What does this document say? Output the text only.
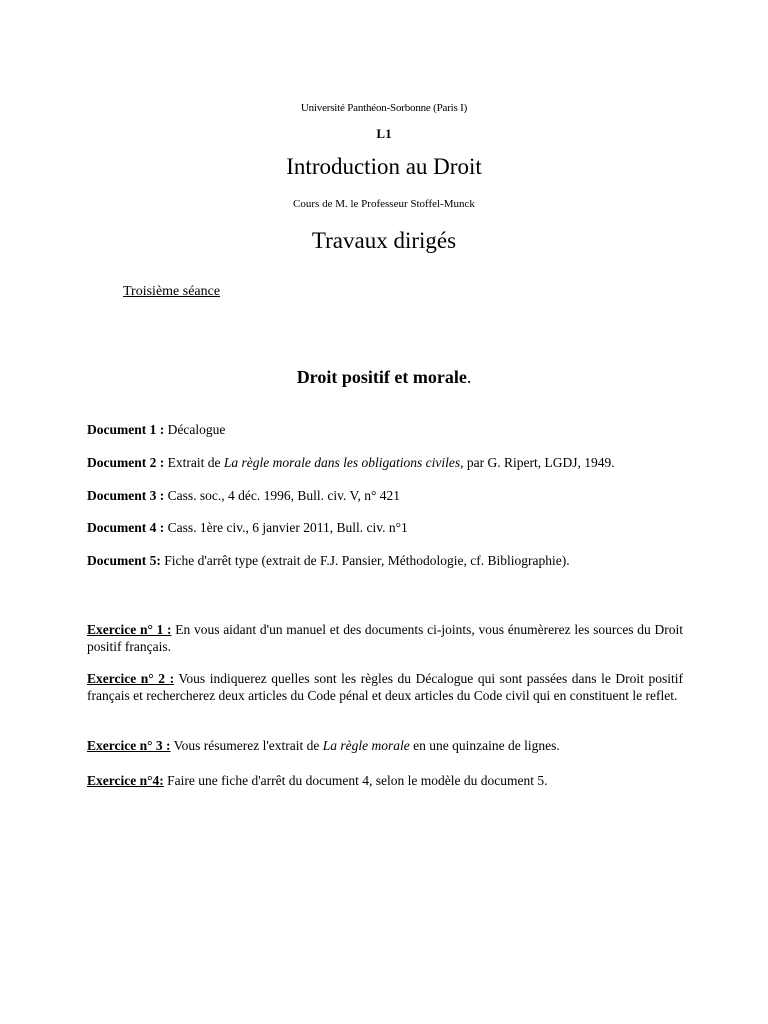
Université Panthéon-Sorbonne (Paris I)
L1
Introduction au Droit
Cours de M. le Professeur Stoffel-Munck
Travaux dirigés
Troisième séance
Droit positif et morale.
Document 1 : Décalogue
Document 2 : Extrait de La règle morale dans les obligations civiles, par G. Ripert, LGDJ, 1949.
Document 3 : Cass. soc., 4 déc. 1996, Bull. civ. V, n° 421
Document 4 : Cass. 1ère civ., 6 janvier 2011, Bull. civ. n°1
Document 5: Fiche d'arrêt type (extrait de F.J. Pansier, Méthodologie, cf. Bibliographie).
Exercice n° 1 : En vous aidant d'un manuel et des documents ci-joints, vous énumèrerez les sources du Droit positif français.
Exercice n° 2 : Vous indiquerez quelles sont les règles du Décalogue qui sont passées dans le Droit positif français et rechercherez deux articles du Code pénal et deux articles du Code civil qui en constituent le reflet.
Exercice n° 3 : Vous résumerez l'extrait de La règle morale en une quinzaine de lignes.
Exercice n°4: Faire une fiche d'arrêt du document 4, selon le modèle du document 5.
